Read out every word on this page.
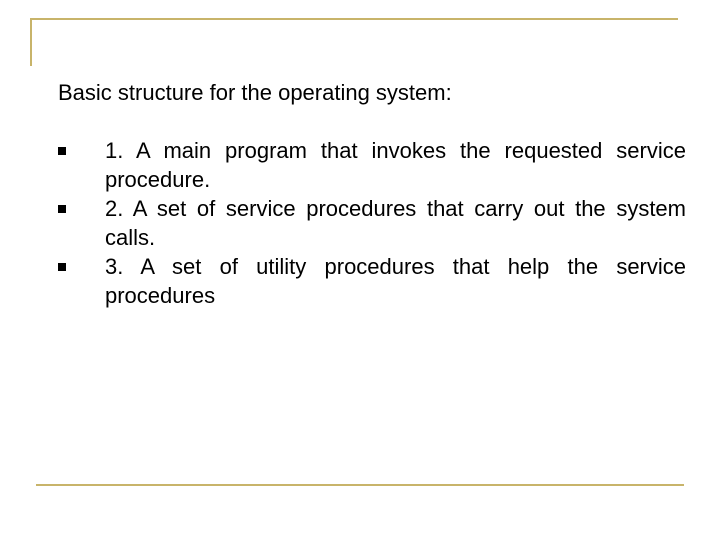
Basic structure for the operating system:
1. A main program that invokes the requested service procedure.
2. A set of service procedures that carry out the system calls.
3. A set of utility procedures that help the service procedures
